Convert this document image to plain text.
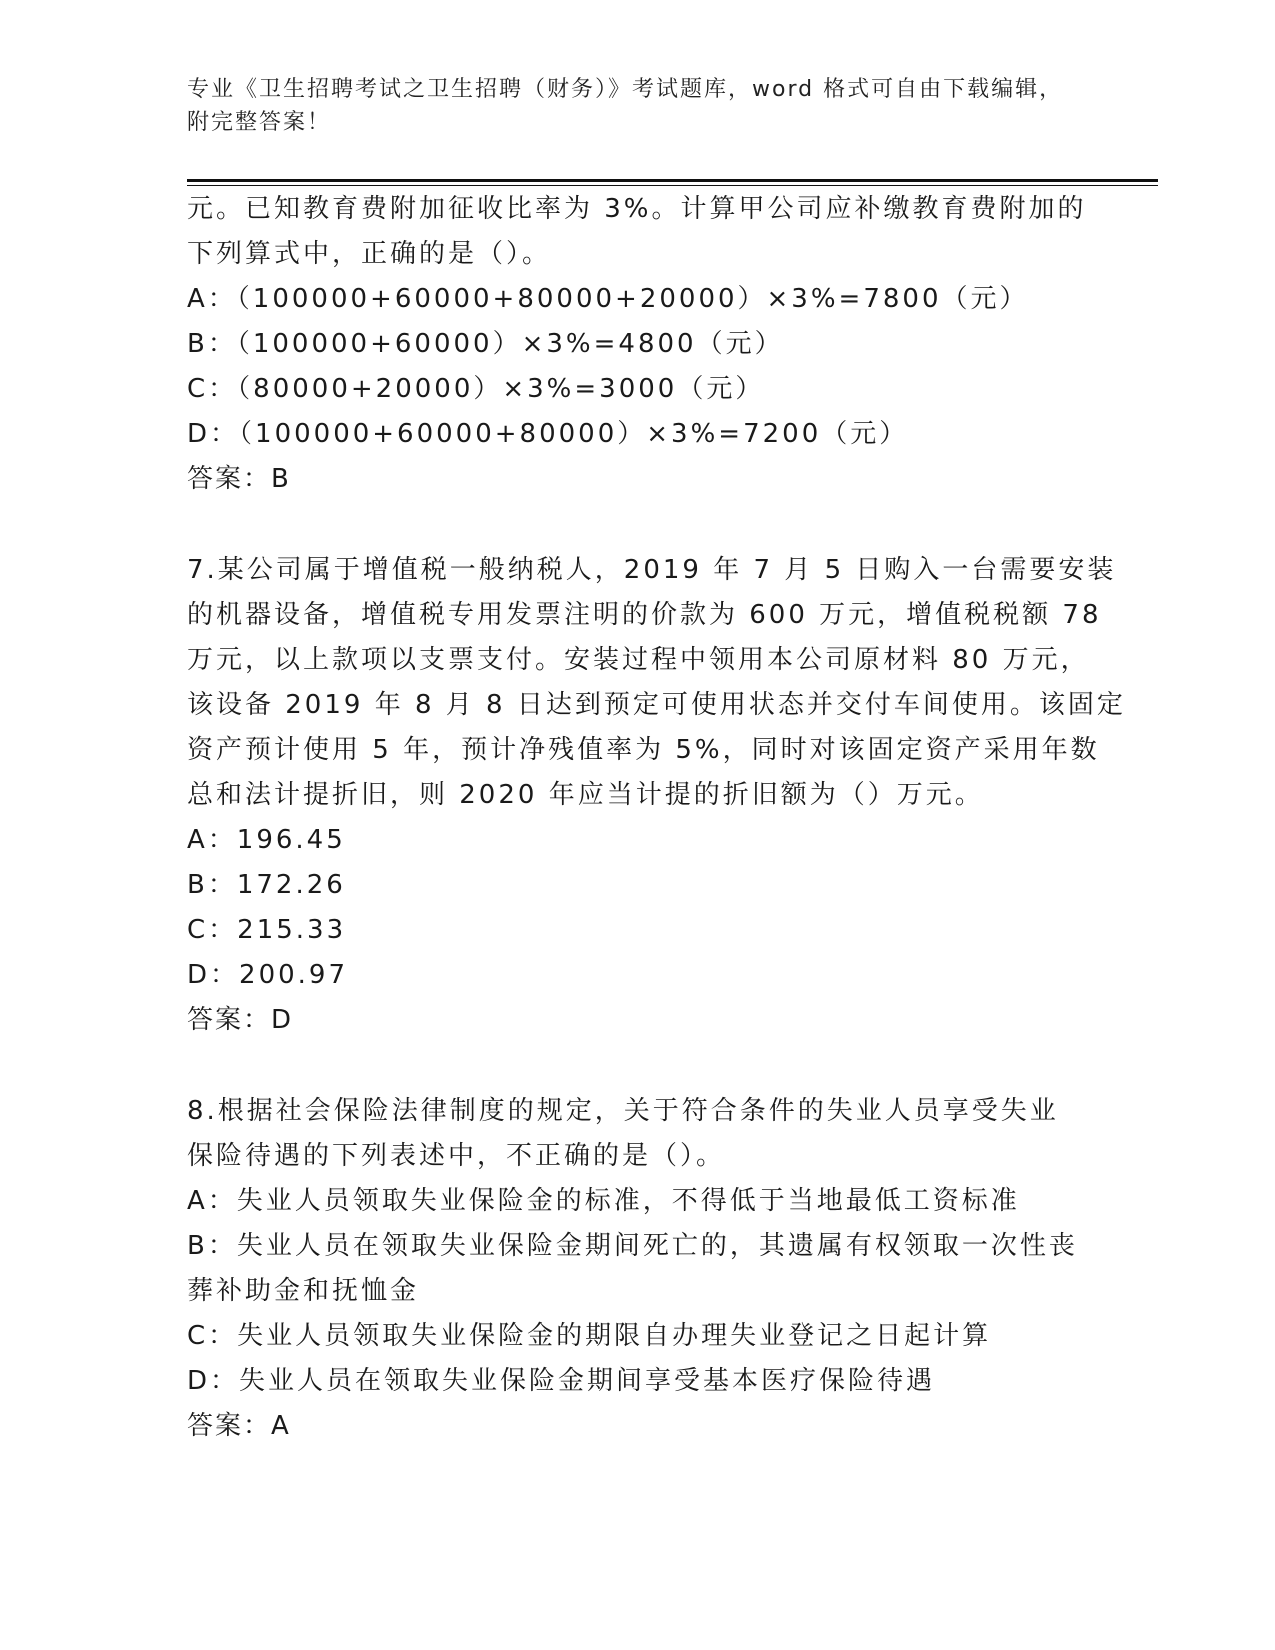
专业《卫生招聘考试之卫生招聘（财务）》考试题库，word 格式可自由下载编辑，附完整答案！
元。已知教育费附加征收比率为 3%。计算甲公司应补缴教育费附加的
下列算式中，正确的是（）。
A：（100000+60000+80000+20000）×3%=7800（元）
B：（100000+60000）×3%=4800（元）
C：（80000+20000）×3%=3000（元）
D：（100000+60000+80000）×3%=7200（元）
答案：B
7.某公司属于增值税一般纳税人，2019 年 7 月 5 日购入一台需要安装
的机器设备，增值税专用发票注明的价款为 600 万元，增值税税额 78
万元，以上款项以支票支付。安装过程中领用本公司原材料 80 万元，
该设备 2019 年 8 月 8 日达到预定可使用状态并交付车间使用。该固定
资产预计使用 5 年，预计净残值率为 5%，同时对该固定资产采用年数
总和法计提折旧，则 2020 年应当计提的折旧额为（）万元。
A：196.45
B：172.26
C：215.33
D：200.97
答案：D
8.根据社会保险法律制度的规定，关于符合条件的失业人员享受失业
保险待遇的下列表述中，不正确的是（）。
A：失业人员领取失业保险金的标准，不得低于当地最低工资标准
B：失业人员在领取失业保险金期间死亡的，其遗属有权领取一次性丧
葬补助金和抚恤金
C：失业人员领取失业保险金的期限自办理失业登记之日起计算
D：失业人员在领取失业保险金期间享受基本医疗保险待遇
答案：A
